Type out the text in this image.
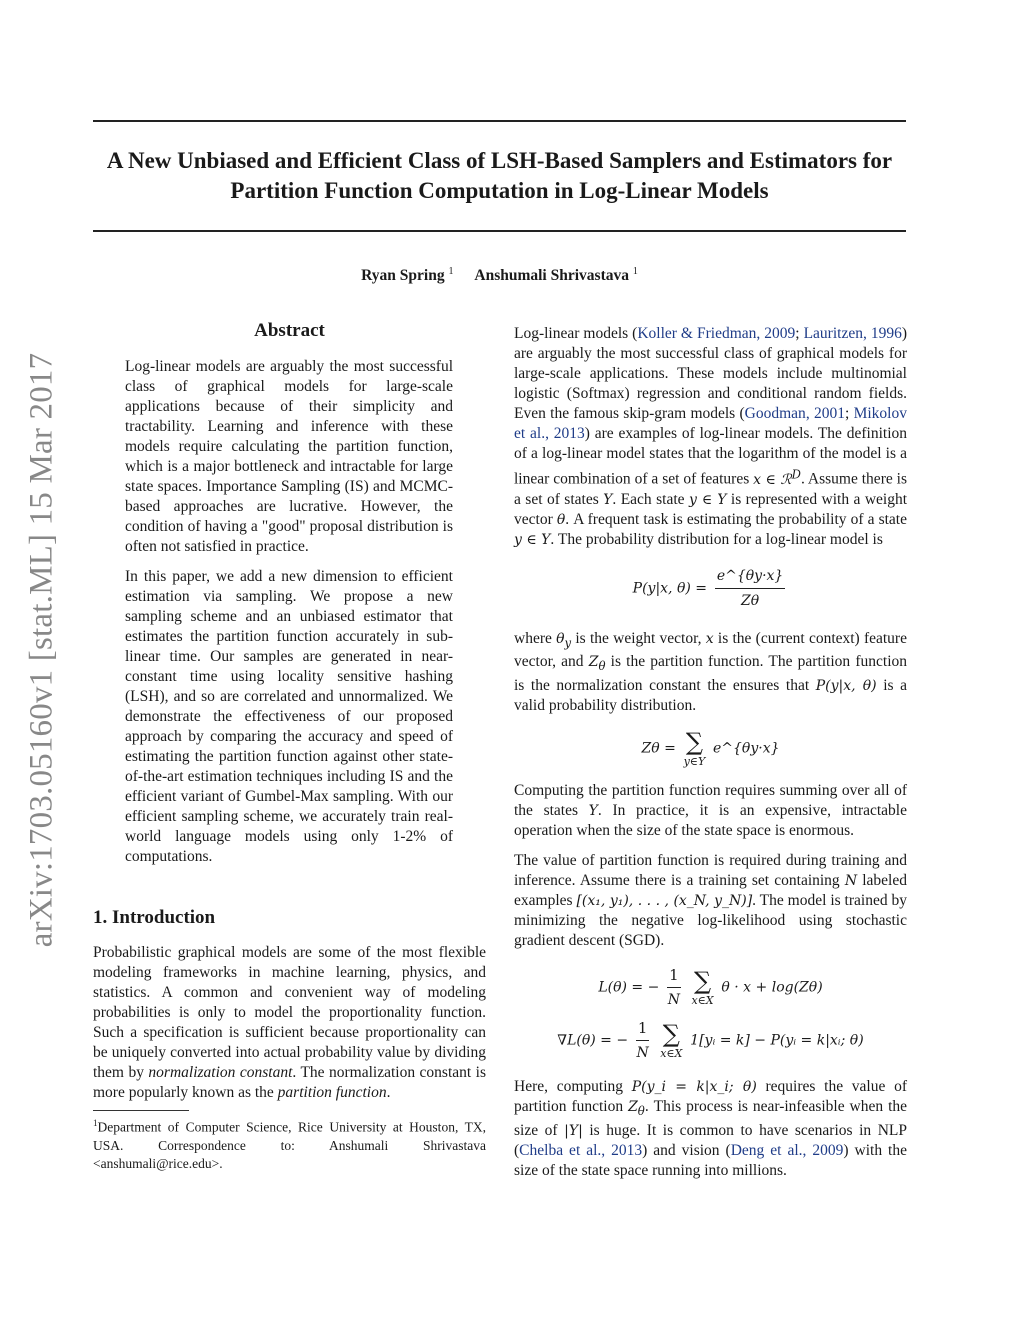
A New Unbiased and Efficient Class of LSH-Based Samplers and Estimators for Partition Function Computation in Log-Linear Models
Ryan Spring $^1$ Anshumali Shrivastava $^1$
arXiv:1703.05160v1 [stat.ML] 15 Mar 2017
Abstract

Log-linear models are arguably the most successful class of graphical models for large-scale applications because of their simplicity and tractability. Learning and inference with these models require calculating the partition function, which is a major bottleneck and intractable for large state spaces. Importance Sampling (IS) and MCMC-based approaches are lucrative. However, the condition of having a "good" proposal distribution is often not satisfied in practice.

In this paper, we add a new dimension to efficient estimation via sampling. We propose a new sampling scheme and an unbiased estimator that estimates the partition function accurately in sub-linear time. Our samples are generated in near-constant time using locality sensitive hashing (LSH), and so are correlated and unnormalized. We demonstrate the effectiveness of our proposed approach by comparing the accuracy and speed of estimating the partition function against other state-of-the-art estimation techniques including IS and the efficient variant of Gumbel-Max sampling. With our efficient sampling scheme, we accurately train real-world language models using only 1-2% of computations.

1. Introduction
Probabilistic graphical models are some of the most flexible modeling frameworks in machine learning, physics, and statistics. A common and convenient way of modeling probabilities is only to model the proportionality function. Such a specification is sufficient because proportionality can be uniquely converted into actual probability value by dividing them by normalization constant. The normalization constant is more popularly known as the partition function.
$^1$Department of Computer Science, Rice University at Houston, TX, USA. Correspondence to: Anshumali Shrivastava <anshumali@rice.edu>.

Log-linear models (Koller & Friedman, 2009; Lauritzen, 1996) are arguably the most successful class of graphical models for large-scale applications. These models include multinomial logistic (Softmax) regression and conditional random fields. Even the famous skip-gram models (Goodman, 2001; Mikolov et al., 2013) are examples of log-linear models. The definition of a log-linear model states that the logarithm of the model is a linear combination of a set of features x ∈ ℛ$^D$. Assume there is a set of states Y. Each state y ∈ Y is represented with a weight vector θ. A frequent task is estimating the probability of a state y ∈ Y. The probability distribution for a log-linear model is

P(y|x, $\theta) = \frac{e\^{}\{\theta y\cdot x\}}{Z\theta}$

where $\theta_y$ is the weight vector, x is the (current context) feature vector, and $Z_\theta$ is the partition function. The partition function is the normalization constant the ensures that P(y|x, θ) is a valid probability distribution.

Zθ = ∑
y∈Y
e^{θy·x}

Computing the partition function requires summing over all of the states Y. In practice, it is an expensive, intractable operation when the size of the state space is enormous.

The value of partition function is required during training and inference. Assume there is a training set containing N labeled examples [(x₁, y₁), . . . , (x_N, y_N)]. The model is trained by minimizing the negative log-likelihood using stochastic gradient descent (SGD).

L(θ) = − $\frac{1}{N}$
∑
x∈X
θ · x + log(Zθ)
∇L(θ) = − $\frac{1}{N}$
∑
x∈X
1[yᵢ = k] − P(yᵢ = k|xᵢ; θ)

Here, computing P(y_i = k|x_i; θ) requires the value of partition function $Z_\theta$. This process is near-infeasible when the size of |Y| is huge. It is common to have scenarios in NLP (Chelba et al., 2013) and vision (Deng et al., 2009) with the size of the state space running into millions.
